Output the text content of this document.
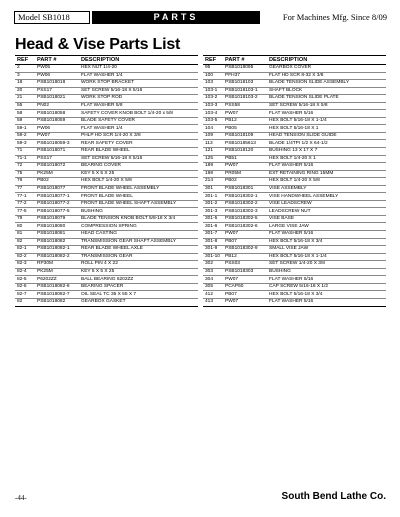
Model SB1018	PARTS	For Machines Mfg. Since 8/09
Head & Vise Parts List
REF	PART #	DESCRIPTION
2	PW05	HEX NUT 1/4-20
3	PW06	FLAT WASHER 1/4
18	PSB1018018	WORK STOP BRACKET
20	PSS17	SET SCREW 5/16-18 X 5/16
21	PSB1018021	WORK STOP ROD
55	PN02	FLAT WASHER 5/8
58	PSB1018058	SAFETY COVER KNOB BOLT 1/4-20 x 5/8
59	PSB1018059	BLADE SAFETY COVER
59-1	PW06	FLAT WASHER 1/4
59-2	PW07	PHLP HD SCR 1/4-20 X 3/8
59-3	PSB1018059-3	REAR SAFETY COVER
71	PSB1018071	REAR BLADE WHEEL
71-1	PSS17	SET SCREW 5/16-18 X 5/16
72	PSB1018072	BEARING COVER
75	PK25M	KEY 5 X 5 X 25
76	PB02	HEX BOLT 1/4-20 X 5/8
77	PSB1018077	FRONT BLADE WHEEL ASSEMBLY
77-1	PSB1018077-1	FRONT BLADE WHEEL
77-2	PSB1018077-2	FRONT BLADE WHEEL SHAFT ASSEMBLY
77-5	PSB1018077-5	BUSHING
79	PSB1018079	BLADE TENSION KNOB BOLT 5/8-18 X 3/4
80	PSB1018080	COMPRESSION SPRING
81	PSB1018081	HEAD CASTING
82	PSB1018082	TRANSMISSION GEAR SHAFT ASSEMBLY
82-1	PSB1018082-1	REAR BLADE WHEEL AXLE
82-2	PSB1018082-2	TRANSMISSION GEAR
82-3	RP30M	ROLL PIN 4 X 22
82-4	PK25M	KEY 5 X 5 X 25
82-5	P6202ZZ	BALL BEARING 6202ZZ
82-6	PSB1018082-6	BEARING SPACER
82-7	PSB1018082-7	OIL SEAL TC 35 X 55 X 7
82	PSB1018082	GEARBOX GASKET
REF	PART #	DESCRIPTION
95	PSB1018095	GEARBOX COVER
100	PFH37	FLAT HD SCR 8-32 X 3/8
103	PSB1018103	BLADE TENSION SLIDE ASSEMBLY
103-1	PSB1018103-1	SHAFT BLOCK
103-2	PSB1018103-2	BLADE TENSION SLIDE PLATE
103-3	PSS58	SET SCREW 5/16-18 X 5/8
103-4	PW07	FLAT WASHER 5/16
103-5	PB12	HEX BOLT 5/16-18 X 1-1/4
104	PB05	HEX BOLT 5/16-18 X 1
109	PSB1018109	HEAD TENSION SLIDE GUIDE
113	PSB10185613	BLADE 1/4TPI 1/2 X 64-1/2
121	PSB1018120	BUSHING 13 X 17 X 7
125	PB51	HEX BOLT 1/4-20 X 1
189	PW07	FLAT WASHER 5/16
198	PR05M	EXT RETAINING RING 15MM
214	PB02	HEX BOLT 1/4-20 X 5/8
301	PSB1018301	VISE ASSEMBLY
301-1	PSB1018302-1	VISE HANDWHEEL ASSEMBLY
301-2	PSB1018302-2	VISE LEADSCREW
301-3	PSB1018302-3	LEADSCREW NUT
301-5	PSB1018302-5	VISE BASE
301-6	PSB1018302-6	LARGE VISE JAW
301-7	PW07	FLAT WASHER 5/16
301-8	PB07	HEX BOLT 5/16-18 X 3/4
301-9	PSB1018302-9	SMALL VISE JAW
301-10	PB12	HEX BOLT 5/16-18 X 1-1/4
302	PSS03	SET SCREW 1/4-20 X 3/8
303	PSB1018303	BUSHING
304	PW07	FLAT WASHER 5/16
305	PCAP50	CAP SCREW 5/16-18 X 1/2
412	PB07	HEX BOLT 5/16-18 X 3/4
413	PW07	FLAT WASHER 5/16
-44-	South Bend Lathe Co.
